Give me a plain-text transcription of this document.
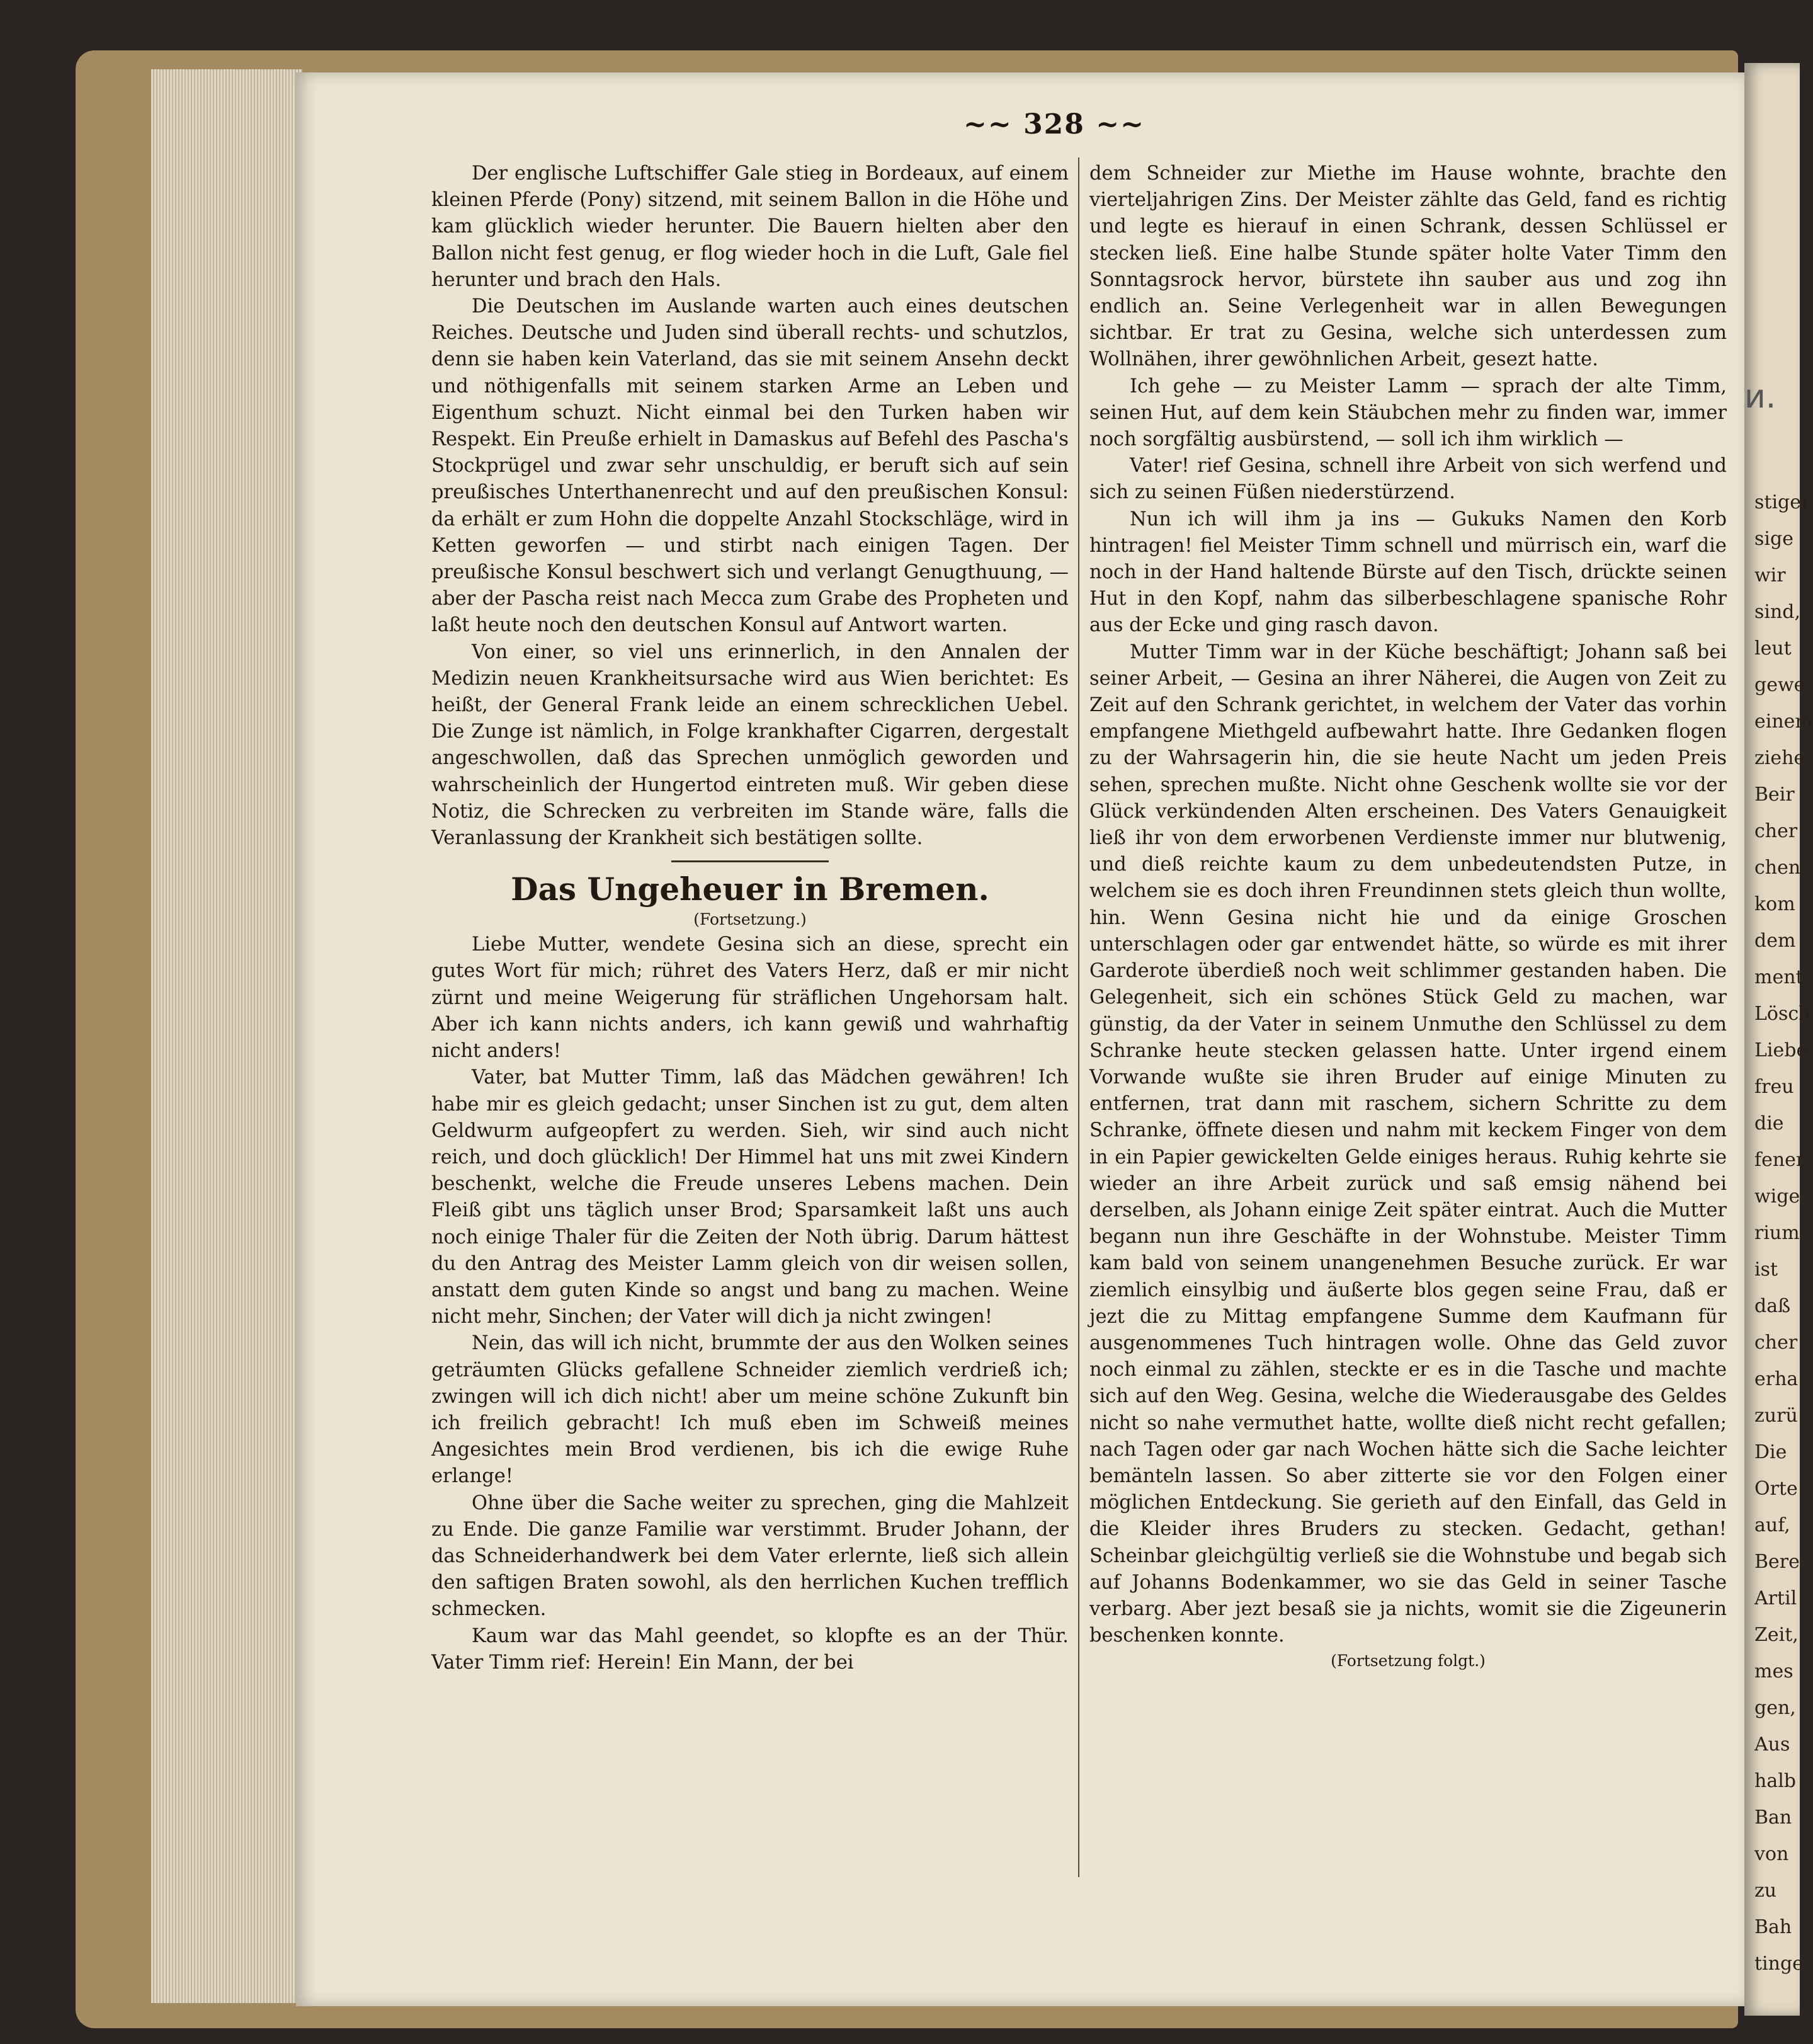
~~ 328 ~~

Der englische Luftschiffer Gale stieg in Bordeaux, auf einem kleinen Pferde (Pony) sitzend, mit seinem Ballon in die Höhe und kam glücklich wieder herunter. Die Bauern hielten aber den Ballon nicht fest genug, er flog wieder hoch in die Luft, Gale fiel herunter und brach den Hals.

Die Deutschen im Auslande warten auch eines deutschen Reiches. Deutsche und Juden sind überall rechts- und schutzlos, denn sie haben kein Vaterland, das sie mit seinem Ansehn deckt und nöthigenfalls mit seinem starken Arme an Leben und Eigenthum schuzt. Nicht einmal bei den Turken haben wir Respekt. Ein Preuße erhielt in Damaskus auf Befehl des Pascha's Stockprügel und zwar sehr unschuldig, er beruft sich auf sein preußisches Unterthanenrecht und auf den preußischen Konsul: da erhält er zum Hohn die doppelte Anzahl Stockschläge, wird in Ketten geworfen — und stirbt nach einigen Tagen. Der preußische Konsul beschwert sich und verlangt Genugthuung, — aber der Pascha reist nach Mecca zum Grabe des Propheten und laßt heute noch den deutschen Konsul auf Antwort warten.

Von einer, so viel uns erinnerlich, in den Annalen der Medizin neuen Krankheitsursache wird aus Wien berichtet: Es heißt, der General Frank leide an einem schrecklichen Uebel. Die Zunge ist nämlich, in Folge krankhafter Cigarren, dergestalt angeschwollen, daß das Sprechen unmöglich geworden und wahrscheinlich der Hungertod eintreten muß. Wir geben diese Notiz, die Schrecken zu verbreiten im Stande wäre, falls die Veranlassung der Krankheit sich bestätigen sollte.

Das Ungeheuer in Bremen.
(Fortsetzung.)

Liebe Mutter, wendete Gesina sich an diese, sprecht ein gutes Wort für mich; rühret des Vaters Herz, daß er mir nicht zürnt und meine Weigerung für sträflichen Ungehorsam halt. Aber ich kann nichts anders, ich kann gewiß und wahrhaftig nicht anders!

Vater, bat Mutter Timm, laß das Mädchen gewähren! Ich habe mir es gleich gedacht; unser Sinchen ist zu gut, dem alten Geldwurm aufgeopfert zu werden. Sieh, wir sind auch nicht reich, und doch glücklich! Der Himmel hat uns mit zwei Kindern beschenkt, welche die Freude unseres Lebens machen. Dein Fleiß gibt uns täglich unser Brod; Sparsamkeit laßt uns auch noch einige Thaler für die Zeiten der Noth übrig. Darum hättest du den Antrag des Meister Lamm gleich von dir weisen sollen, anstatt dem guten Kinde so angst und bang zu machen. Weine nicht mehr, Sinchen; der Vater will dich ja nicht zwingen!

Nein, das will ich nicht, brummte der aus den Wolken seines geträumten Glücks gefallene Schneider ziemlich verdrieß ich; zwingen will ich dich nicht! aber um meine schöne Zukunft bin ich freilich gebracht! Ich muß eben im Schweiß meines Angesichtes mein Brod verdienen, bis ich die ewige Ruhe erlange!

Ohne über die Sache weiter zu sprechen, ging die Mahlzeit zu Ende. Die ganze Familie war verstimmt. Bruder Johann, der das Schneiderhandwerk bei dem Vater erlernte, ließ sich allein den saftigen Braten sowohl, als den herrlichen Kuchen trefflich schmecken.

Kaum war das Mahl geendet, so klopfte es an der Thür. Vater Timm rief: Herein! Ein Mann, der bei

dem Schneider zur Miethe im Hause wohnte, brachte den vierteljahrigen Zins. Der Meister zählte das Geld, fand es richtig und legte es hierauf in einen Schrank, dessen Schlüssel er stecken ließ. Eine halbe Stunde später holte Vater Timm den Sonntagsrock hervor, bürstete ihn sauber aus und zog ihn endlich an. Seine Verlegenheit war in allen Bewegungen sichtbar. Er trat zu Gesina, welche sich unterdessen zum Wollnähen, ihrer gewöhnlichen Arbeit, gesezt hatte.

Ich gehe — zu Meister Lamm — sprach der alte Timm, seinen Hut, auf dem kein Stäubchen mehr zu finden war, immer noch sorgfältig ausbürstend, — soll ich ihm wirklich —

Vater! rief Gesina, schnell ihre Arbeit von sich werfend und sich zu seinen Füßen niederstürzend.

Nun ich will ihm ja ins — Gukuks Namen den Korb hintragen! fiel Meister Timm schnell und mürrisch ein, warf die noch in der Hand haltende Bürste auf den Tisch, drückte seinen Hut in den Kopf, nahm das silberbeschlagene spanische Rohr aus der Ecke und ging rasch davon.

Mutter Timm war in der Küche beschäftigt; Johann saß bei seiner Arbeit, — Gesina an ihrer Näherei, die Augen von Zeit zu Zeit auf den Schrank gerichtet, in welchem der Vater das vorhin empfangene Miethgeld aufbewahrt hatte. Ihre Gedanken flogen zu der Wahrsagerin hin, die sie heute Nacht um jeden Preis sehen, sprechen mußte. Nicht ohne Geschenk wollte sie vor der Glück verkündenden Alten erscheinen. Des Vaters Genauigkeit ließ ihr von dem erworbenen Verdienste immer nur blutwenig, und dieß reichte kaum zu dem unbedeutendsten Putze, in welchem sie es doch ihren Freundinnen stets gleich thun wollte, hin. Wenn Gesina nicht hie und da einige Groschen unterschlagen oder gar entwendet hätte, so würde es mit ihrer Garderote überdieß noch weit schlimmer gestanden haben. Die Gelegenheit, sich ein schönes Stück Geld zu machen, war günstig, da der Vater in seinem Unmuthe den Schlüssel zu dem Schranke heute stecken gelassen hatte. Unter irgend einem Vorwande wußte sie ihren Bruder auf einige Minuten zu entfernen, trat dann mit raschem, sichern Schritte zu dem Schranke, öffnete diesen und nahm mit keckem Finger von dem in ein Papier gewickelten Gelde einiges heraus. Ruhig kehrte sie wieder an ihre Arbeit zurück und saß emsig nähend bei derselben, als Johann einige Zeit später eintrat. Auch die Mutter begann nun ihre Geschäfte in der Wohnstube. Meister Timm kam bald von seinem unangenehmen Besuche zurück. Er war ziemlich einsylbig und äußerte blos gegen seine Frau, daß er jezt die zu Mittag empfangene Summe dem Kaufmann für ausgenommenes Tuch hintragen wolle. Ohne das Geld zuvor noch einmal zu zählen, steckte er es in die Tasche und machte sich auf den Weg. Gesina, welche die Wiederausgabe des Geldes nicht so nahe vermuthet hatte, wollte dieß nicht recht gefallen; nach Tagen oder gar nach Wochen hätte sich die Sache leichter bemänteln lassen. So aber zitterte sie vor den Folgen einer möglichen Entdeckung. Sie gerieth auf den Einfall, das Geld in die Kleider ihres Bruders zu stecken. Gedacht, gethan! Scheinbar gleichgültig verließ sie die Wohnstube und begab sich auf Johanns Bodenkammer, wo sie das Geld in seiner Tasche verbarg. Aber jezt besaß sie ja nichts, womit sie die Zigeunerin beschenken konnte.

(Fortsetzung folgt.)
stiger
sige
wir
sind,
leut
gewe
einem
ziehe
Beir
cher
chen
kom
dem
ment
Lösch
Liebe
freu
die
fener
wige
rium
ist
daß
cher
erha
zurü
Die
Orte
auf,
Bere
Artil
Zeit,
mes
gen,
Aus
halb
Ban
von
zu
Bah
tinge
и.
